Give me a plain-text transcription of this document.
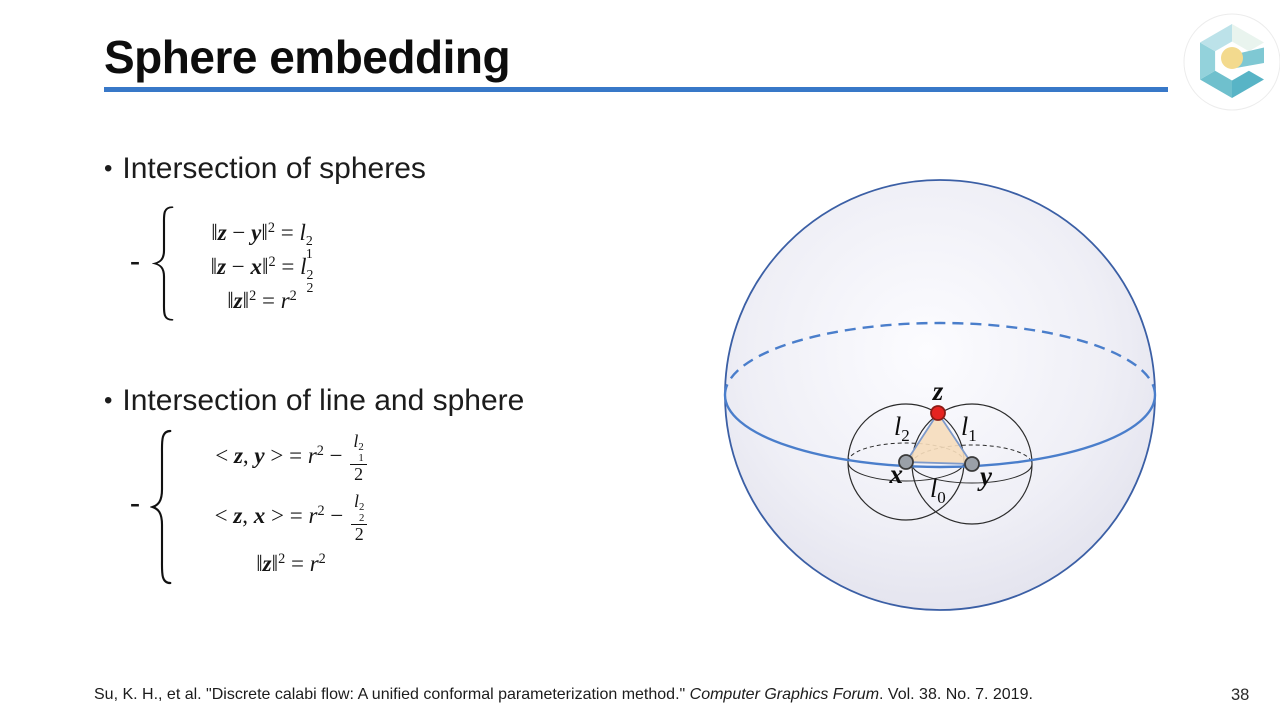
Sphere embedding
• Intersection of spheres
-
‖z − y‖$^2$ = l 2
1
‖z − x‖$^2$ = l 2
2
‖z‖$^2$ = $r^2$
• Intersection of line and sphere
-
< z, y > = $r^2 - l$ 2
1
2
< z, x > = $r^2 - l$ 2
2
2
‖z‖$^2$ = $r^2$
z
x	y
$l_2$ $l_1$
$l_0$
Su, K. H., et al. "Discrete calabi flow: A unified conformal parameterization method." Computer Graphics Forum. Vol. 38. No. 7. 2019.	38
